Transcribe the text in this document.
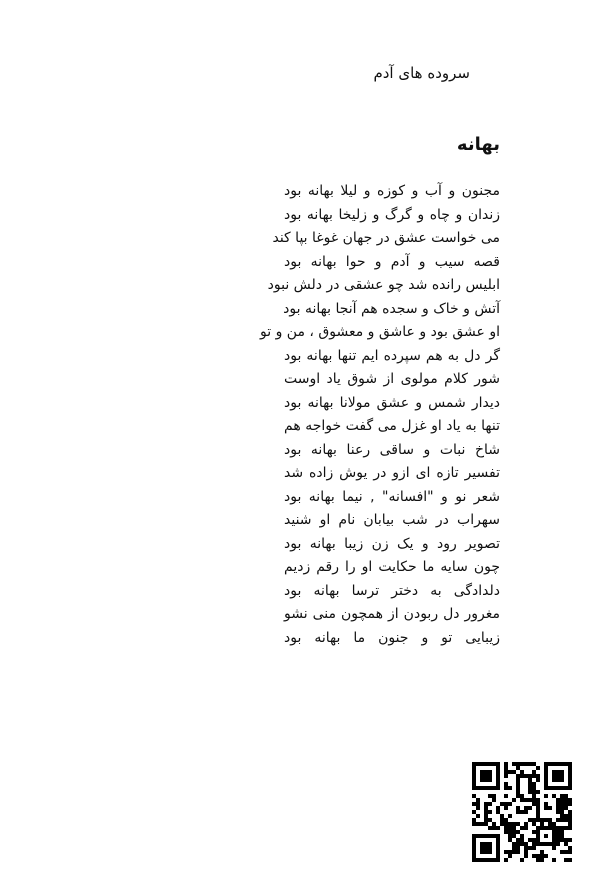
سروده های آدم
بهانه
مجنون و آب و کوزه و لیلا بهانه بود
زندان و چاه و گرگ و زلیخا بهانه بود
می خواست عشق در جهان غوغا بپا کند
قصه سیب و آدم و حوا بهانه بود
ابلیس رانده شد چو عشقی در دلش نبود
آتش و خاک و سجده هم آنجا بهانه بود
او عشق بود و عاشق و معشوق ، من و تو
گر دل به هم سپرده ایم تنها بهانه بود
شور کلام مولوی از شوق یاد اوست
دیدار شمس و عشق مولانا بهانه بود
تنها به یاد او غزل می گفت خواجه هم
شاخ نبات و ساقی رعنا بهانه بود
تفسیر تازه ای ازو در یوش زاده شد
شعر نو و "افسانه" , نیما بهانه بود
سهراب در شب بیابان نام او شنید
تصویر رود و یک زن زیبا بهانه بود
چون سایه ما حکایت او را رقم زدیم
دلدادگی به دختر ترسا بهانه بود
مغرور دل ربودن از همچون منی نشو
زیبایی تو و جنون ما بهانه بود
